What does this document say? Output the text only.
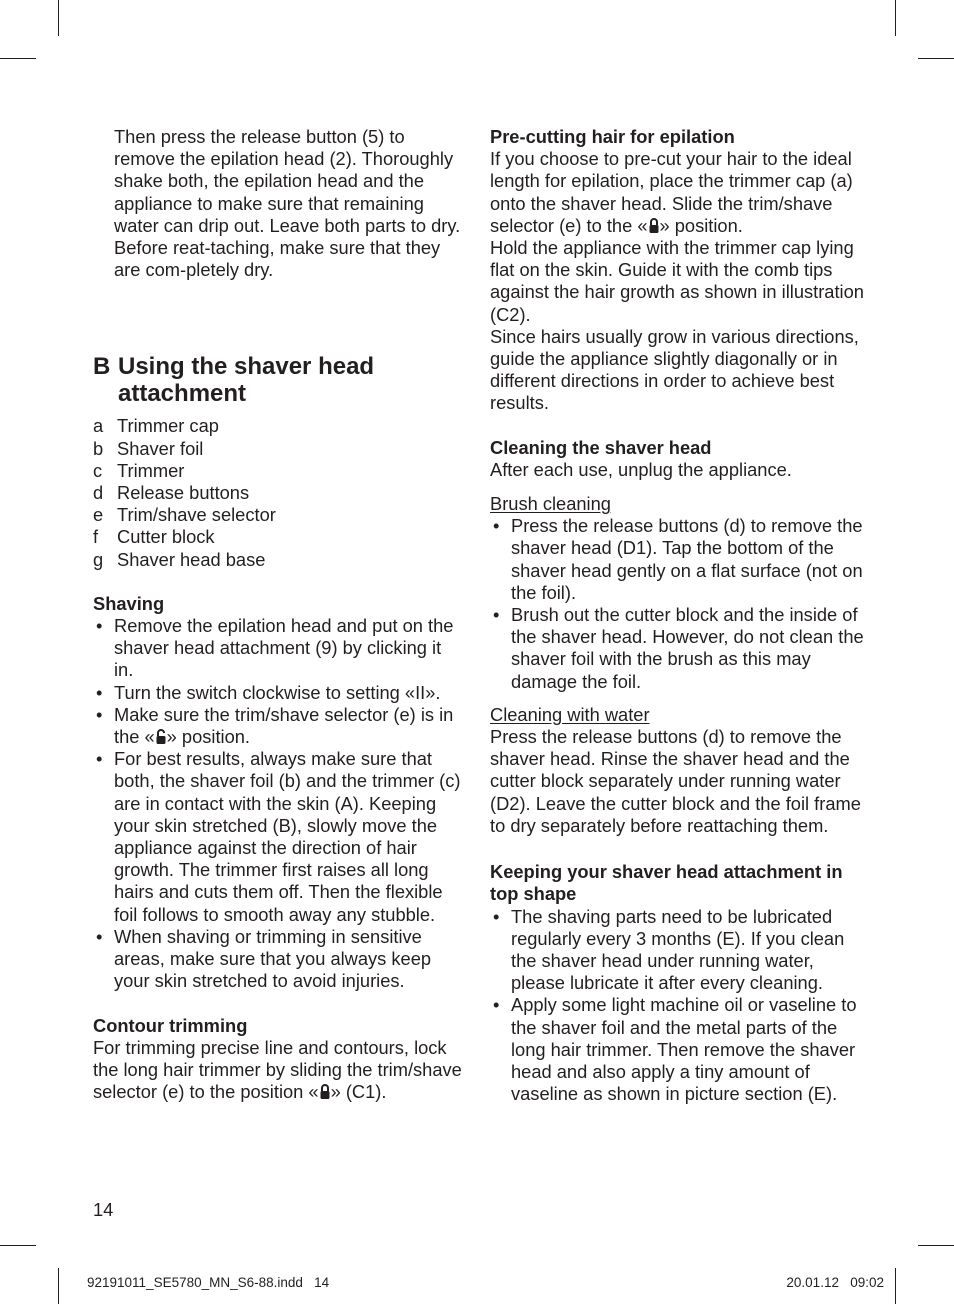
Then press the release button (5) to remove the epilation head (2). Thoroughly shake both, the epilation head and the appliance to make sure that remaining water can drip out. Leave both parts to dry. Before reat-taching, make sure that they are com-pletely dry.

B Using the shaver head attachment
a Trimmer cap
b Shaver foil
c Trimmer
d Release buttons
e Trim/shave selector
f Cutter block
g Shaver head base

Shaving

• Remove the epilation head and put on the shaver head attachment (9) by clicking it in.
• Turn the switch clockwise to setting «II».
• Make sure the trim/shave selector (e) is in the « » position.
• For best results, always make sure that both, the shaver foil (b) and the trimmer (c) are in contact with the skin (A). Keeping your skin stretched (B), slowly move the appliance against the direction of hair growth. The trimmer first raises all long hairs and cuts them off. Then the flexible foil follows to smooth away any stubble.
• When shaving or trimming in sensitive areas, make sure that you always keep your skin stretched to avoid injuries.

Contour trimming

For trimming precise line and contours, lock the long hair trimmer by sliding the trim/shave selector (e) to the position « » (C1).

14

Pre-cutting hair for epilation

If you choose to pre-cut your hair to the ideal length for epilation, place the trimmer cap (a) onto the shaver head. Slide the trim/shave selector (e) to the « » position.

Hold the appliance with the trimmer cap lying flat on the skin. Guide it with the comb tips against the hair growth as shown in illustration (C2).

Since hairs usually grow in various directions, guide the appliance slightly diagonally or in different directions in order to achieve best results.

Cleaning the shaver head

After each use, unplug the appliance.

Brush cleaning

• Press the release buttons (d) to remove the shaver head (D1). Tap the bottom of the shaver head gently on a flat surface (not on the foil).
• Brush out the cutter block and the inside of the shaver head. However, do not clean the shaver foil with the brush as this may damage the foil.

Cleaning with water

Press the release buttons (d) to remove the shaver head. Rinse the shaver head and the cutter block separately under running water (D2). Leave the cutter block and the foil frame to dry separately before reattaching them.

Keeping your shaver head attachment in top shape

• The shaving parts need to be lubricated regularly every 3 months (E). If you clean the shaver head under running water, please lubricate it after every cleaning.
• Apply some light machine oil or vaseline to the shaver foil and the metal parts of the long hair trimmer. Then remove the shaver head and also apply a tiny amount of vaseline as shown in picture section (E).
92191011_SE5780_MN_S6-88.indd   14	20.01.12   09:02
